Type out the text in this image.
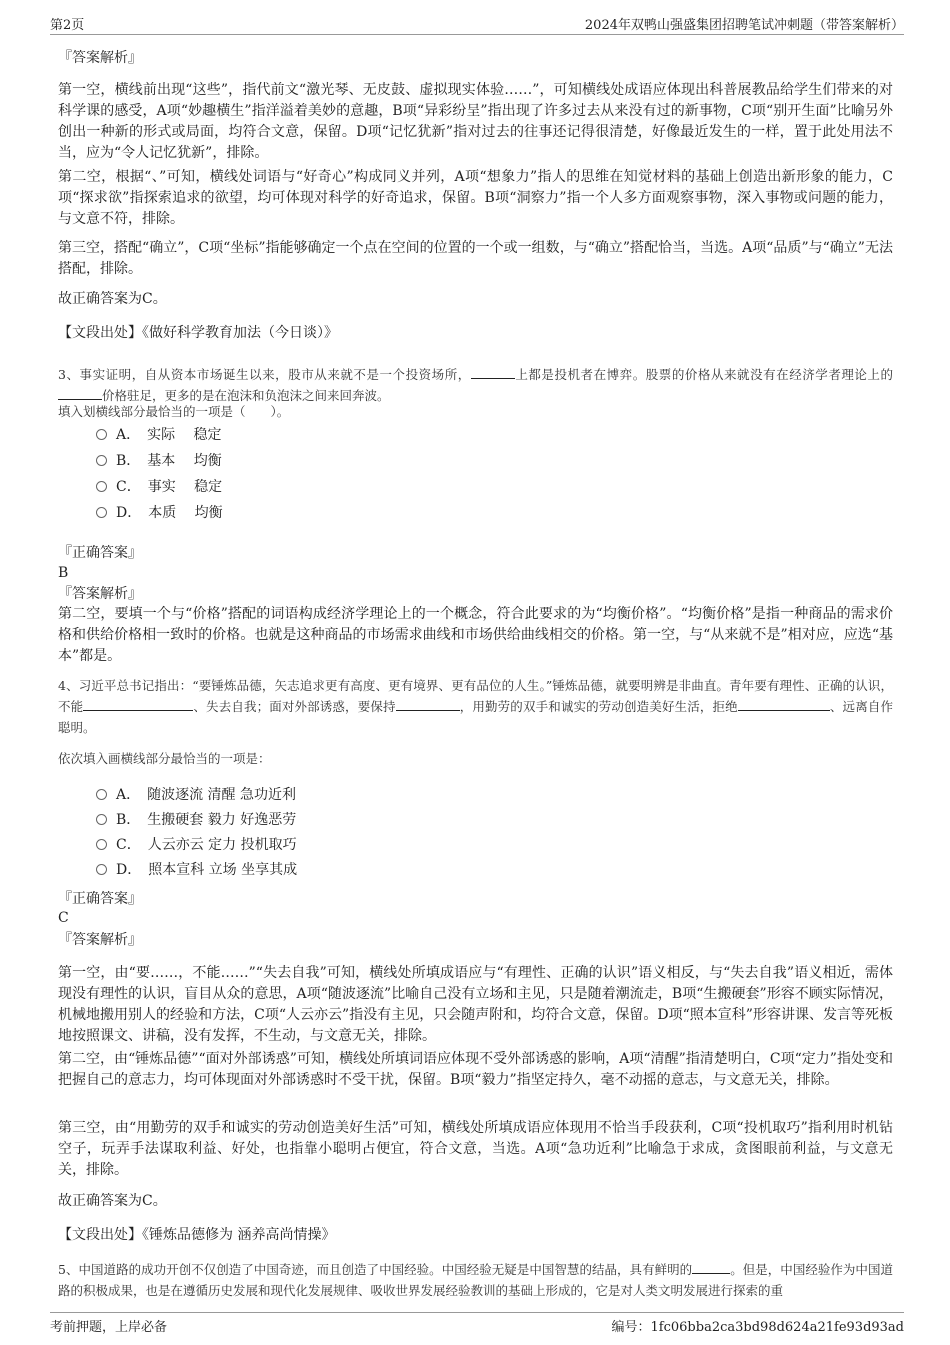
第2页	2024年双鸭山强盛集团招聘笔试冲刺题（带答案解析）

『答案解析』

第一空，横线前出现“这些”，指代前文“激光琴、无皮鼓、虚拟现实体验……”，可知横线处成语应体现出科普展教品给学生们带来的对科学课的感受，A项“妙趣横生”指洋溢着美妙的意趣，B项“异彩纷呈”指出现了许多过去从来没有过的新事物，C项“别开生面”比喻另外创出一种新的形式或局面，均符合文意，保留。D项“记忆犹新”指对过去的往事还记得很清楚，好像最近发生的一样，置于此处用法不当，应为“令人记忆犹新”，排除。

第二空，根据“、”可知，横线处词语与“好奇心”构成同义并列，A项“想象力”指人的思维在知觉材料的基础上创造出新形象的能力，C项“探求欲”指探索追求的欲望，均可体现对科学的好奇追求，保留。B项“洞察力”指一个人多方面观察事物，深入事物或问题的能力，与文意不符，排除。

第三空，搭配“确立”，C项“坐标”指能够确定一个点在空间的位置的一个或一组数，与“确立”搭配恰当，当选。A项“品质”与“确立”无法搭配，排除。

故正确答案为C。

【文段出处】《做好科学教育加法（今日谈）》

3、事实证明，自从资本市场诞生以来，股市从来就不是一个投资场所，	上都是投机者在博弈。股票的价格从来就没有在经济学者理论上的价格驻足，更多的是在泡沫和负泡沫之间来回奔波。

填入划横线部分最恰当的一项是（　　）。

A．　实际　 稳定
B．　基本　 均衡
C．　事实　 稳定
D．　本质　 均衡

『正确答案』

B

『答案解析』

第二空，要填一个与“价格”搭配的词语构成经济学理论上的一个概念，符合此要求的为“均衡价格”。“均衡价格”是指一种商品的需求价格和供给价格相一致时的价格。也就是这种商品的市场需求曲线和市场供给曲线相交的价格。第一空，与“从来就不是”相对应，应选“基本”都是。

4、习近平总书记指出：“要锤炼品德，矢志追求更有高度、更有境界、更有品位的人生。”锤炼品德，就要明辨是非曲直。青年要有理性、正确的认识，不能	、失去自我；面对外部诱惑，要保持	，用勤劳的双手和诚实的劳动创造美好生活，拒绝	、远离自作聪明。

依次填入画横线部分最恰当的一项是：

A．　随波逐流 清醒 急功近利
B．　生搬硬套 毅力 好逸恶劳
C．　人云亦云 定力 投机取巧
D．　照本宣科 立场 坐享其成

『正确答案』

C

『答案解析』

第一空，由“要……，不能……”“失去自我”可知，横线处所填成语应与“有理性、正确的认识”语义相反，与“失去自我”语义相近，需体现没有理性的认识，盲目从众的意思，A项“随波逐流”比喻自己没有立场和主见，只是随着潮流走，B项“生搬硬套”形容不顾实际情况，机械地搬用别人的经验和方法，C项“人云亦云”指没有主见，只会随声附和，均符合文意，保留。D项“照本宣科”形容讲课、发言等死板地按照课文、讲稿，没有发挥，不生动，与文意无关，排除。

第二空，由“锤炼品德”“面对外部诱惑”可知，横线处所填词语应体现不受外部诱惑的影响，A项“清醒”指清楚明白，C项“定力”指处变和把握自己的意志力，均可体现面对外部诱惑时不受干扰，保留。B项“毅力”指坚定持久，毫不动摇的意志，与文意无关，排除。

第三空，由“用勤劳的双手和诚实的劳动创造美好生活”可知，横线处所填成语应体现用不恰当手段获利，C项“投机取巧”指利用时机钻空子，玩弄手法谋取利益、好处，也指靠小聪明占便宜，符合文意，当选。A项“急功近利”比喻急于求成，贪图眼前利益，与文意无关，排除。

故正确答案为C。

【文段出处】《锤炼品德修为 涵养高尚情操》

5、中国道路的成功开创不仅创造了中国奇迹，而且创造了中国经验。中国经验无疑是中国智慧的结晶，具有鲜明的	。但是，中国经验作为中国道路的积极成果，也是在遵循历史发展和现代化发展规律、吸收世界发展经验教训的基础上形成的，它是对人类文明发展进行探索的重

考前押题，上岸必备	编号：1fc06bba2ca3bd98d624a21fe93d93ad
